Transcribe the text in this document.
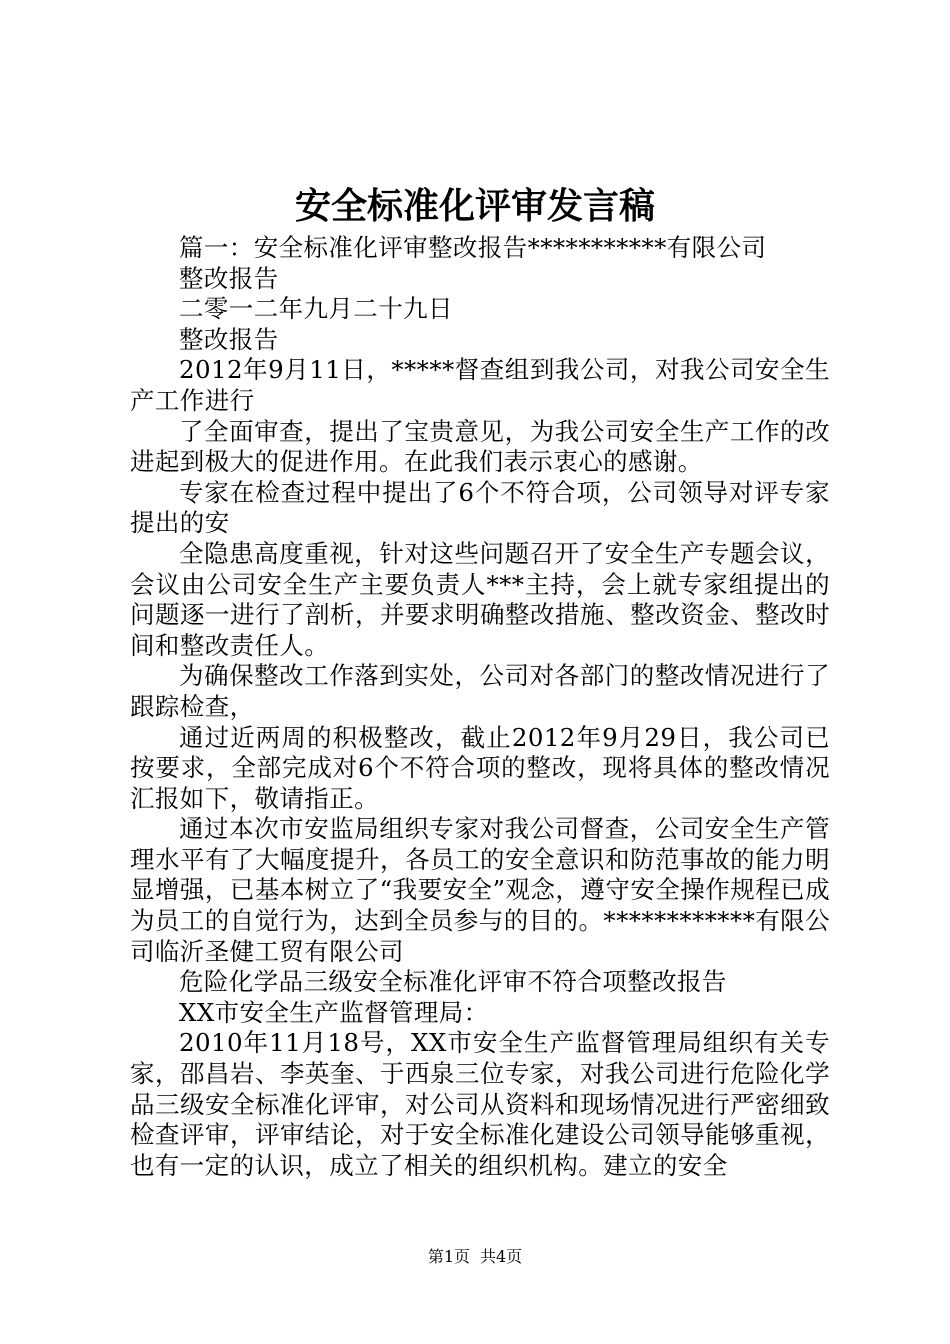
安全标准化评审发言稿

篇一：安全标准化评审整改报告***********有限公司

整改报告

二零一二年九月二十九日

整改报告

2012年9月11日，*****督查组到我公司，对我公司安全生产工作进行

了全面审查，提出了宝贵意见，为我公司安全生产工作的改进起到极大的促进作用。在此我们表示衷心的感谢。

专家在检查过程中提出了6个不符合项，公司领导对评专家提出的安

全隐患高度重视，针对这些问题召开了安全生产专题会议，会议由公司安全生产主要负责人***主持，会上就专家组提出的问题逐一进行了剖析，并要求明确整改措施、整改资金、整改时间和整改责任人。

为确保整改工作落到实处，公司对各部门的整改情况进行了跟踪检查，

通过近两周的积极整改，截止2012年9月29日，我公司已按要求，全部完成对6个不符合项的整改，现将具体的整改情况汇报如下，敬请指正。

通过本次市安监局组织专家对我公司督查，公司安全生产管理水平有了大幅度提升，各员工的安全意识和防范事故的能力明显增强，已基本树立了“我要安全”观念，遵守安全操作规程已成为员工的自觉行为，达到全员参与的目的。************有限公司临沂圣健工贸有限公司

危险化学品三级安全标准化评审不符合项整改报告

XX市安全生产监督管理局：

2010年11月18号，XX市安全生产监督管理局组织有关专家，邵昌岩、李英奎、于西泉三位专家，对我公司进行危险化学品三级安全标准化评审，对公司从资料和现场情况进行严密细致检查评审，评审结论，对于安全标准化建设公司领导能够重视，也有一定的认识，成立了相关的组织机构。建立的安全

第1页 共4页
